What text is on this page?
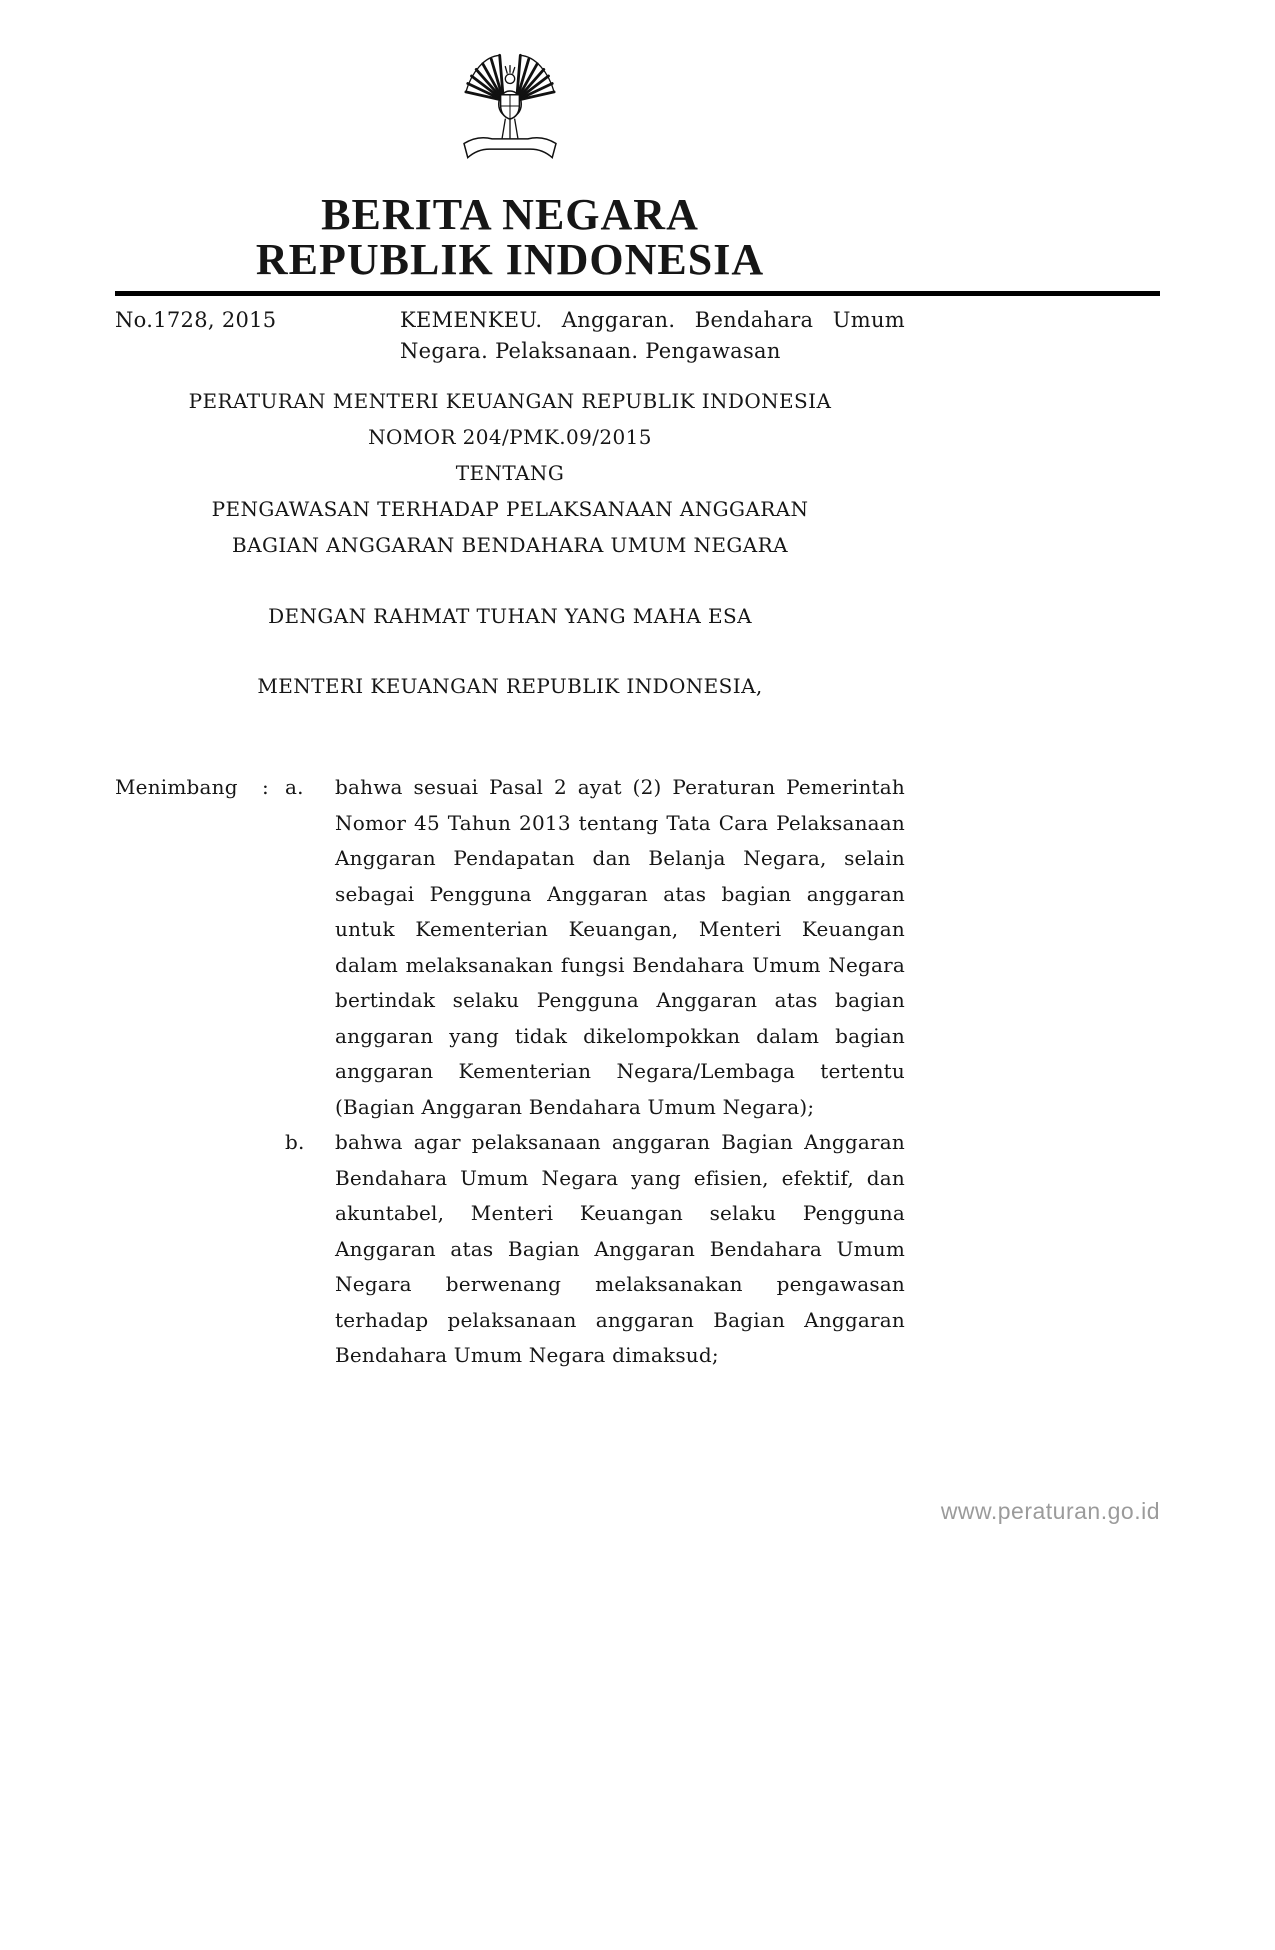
BERITA NEGARA
REPUBLIK INDONESIA
No.1728, 2015	KEMENKEU. Anggaran. Bendahara Umum
Negara. Pelaksanaan. Pengawasan

PERATURAN MENTERI KEUANGAN REPUBLIK INDONESIA

NOMOR 204/PMK.09/2015

TENTANG

PENGAWASAN TERHADAP PELAKSANAAN ANGGARAN

BAGIAN ANGGARAN BENDAHARA UMUM NEGARA

DENGAN RAHMAT TUHAN YANG MAHA ESA

MENTERI KEUANGAN REPUBLIK INDONESIA,

Menimbang	: a.	bahwa sesuai Pasal 2 ayat (2) Peraturan Pemerintah Nomor 45 Tahun 2013 tentang Tata Cara Pelaksanaan Anggaran Pendapatan dan Belanja Negara, selain sebagai Pengguna Anggaran atas bagian anggaran untuk Kementerian Keuangan, Menteri Keuangan dalam melaksanakan fungsi Bendahara Umum Negara bertindak selaku Pengguna Anggaran atas bagian anggaran yang tidak dikelompokkan dalam bagian anggaran Kementerian Negara/Lembaga tertentu (Bagian Anggaran Bendahara Umum Negara);
b.	bahwa agar pelaksanaan anggaran Bagian Anggaran Bendahara Umum Negara yang efisien, efektif, dan akuntabel, Menteri Keuangan selaku Pengguna Anggaran atas Bagian Anggaran Bendahara Umum Negara berwenang melaksanakan pengawasan terhadap pelaksanaan anggaran Bagian Anggaran Bendahara Umum Negara dimaksud;
www.peraturan.go.id
